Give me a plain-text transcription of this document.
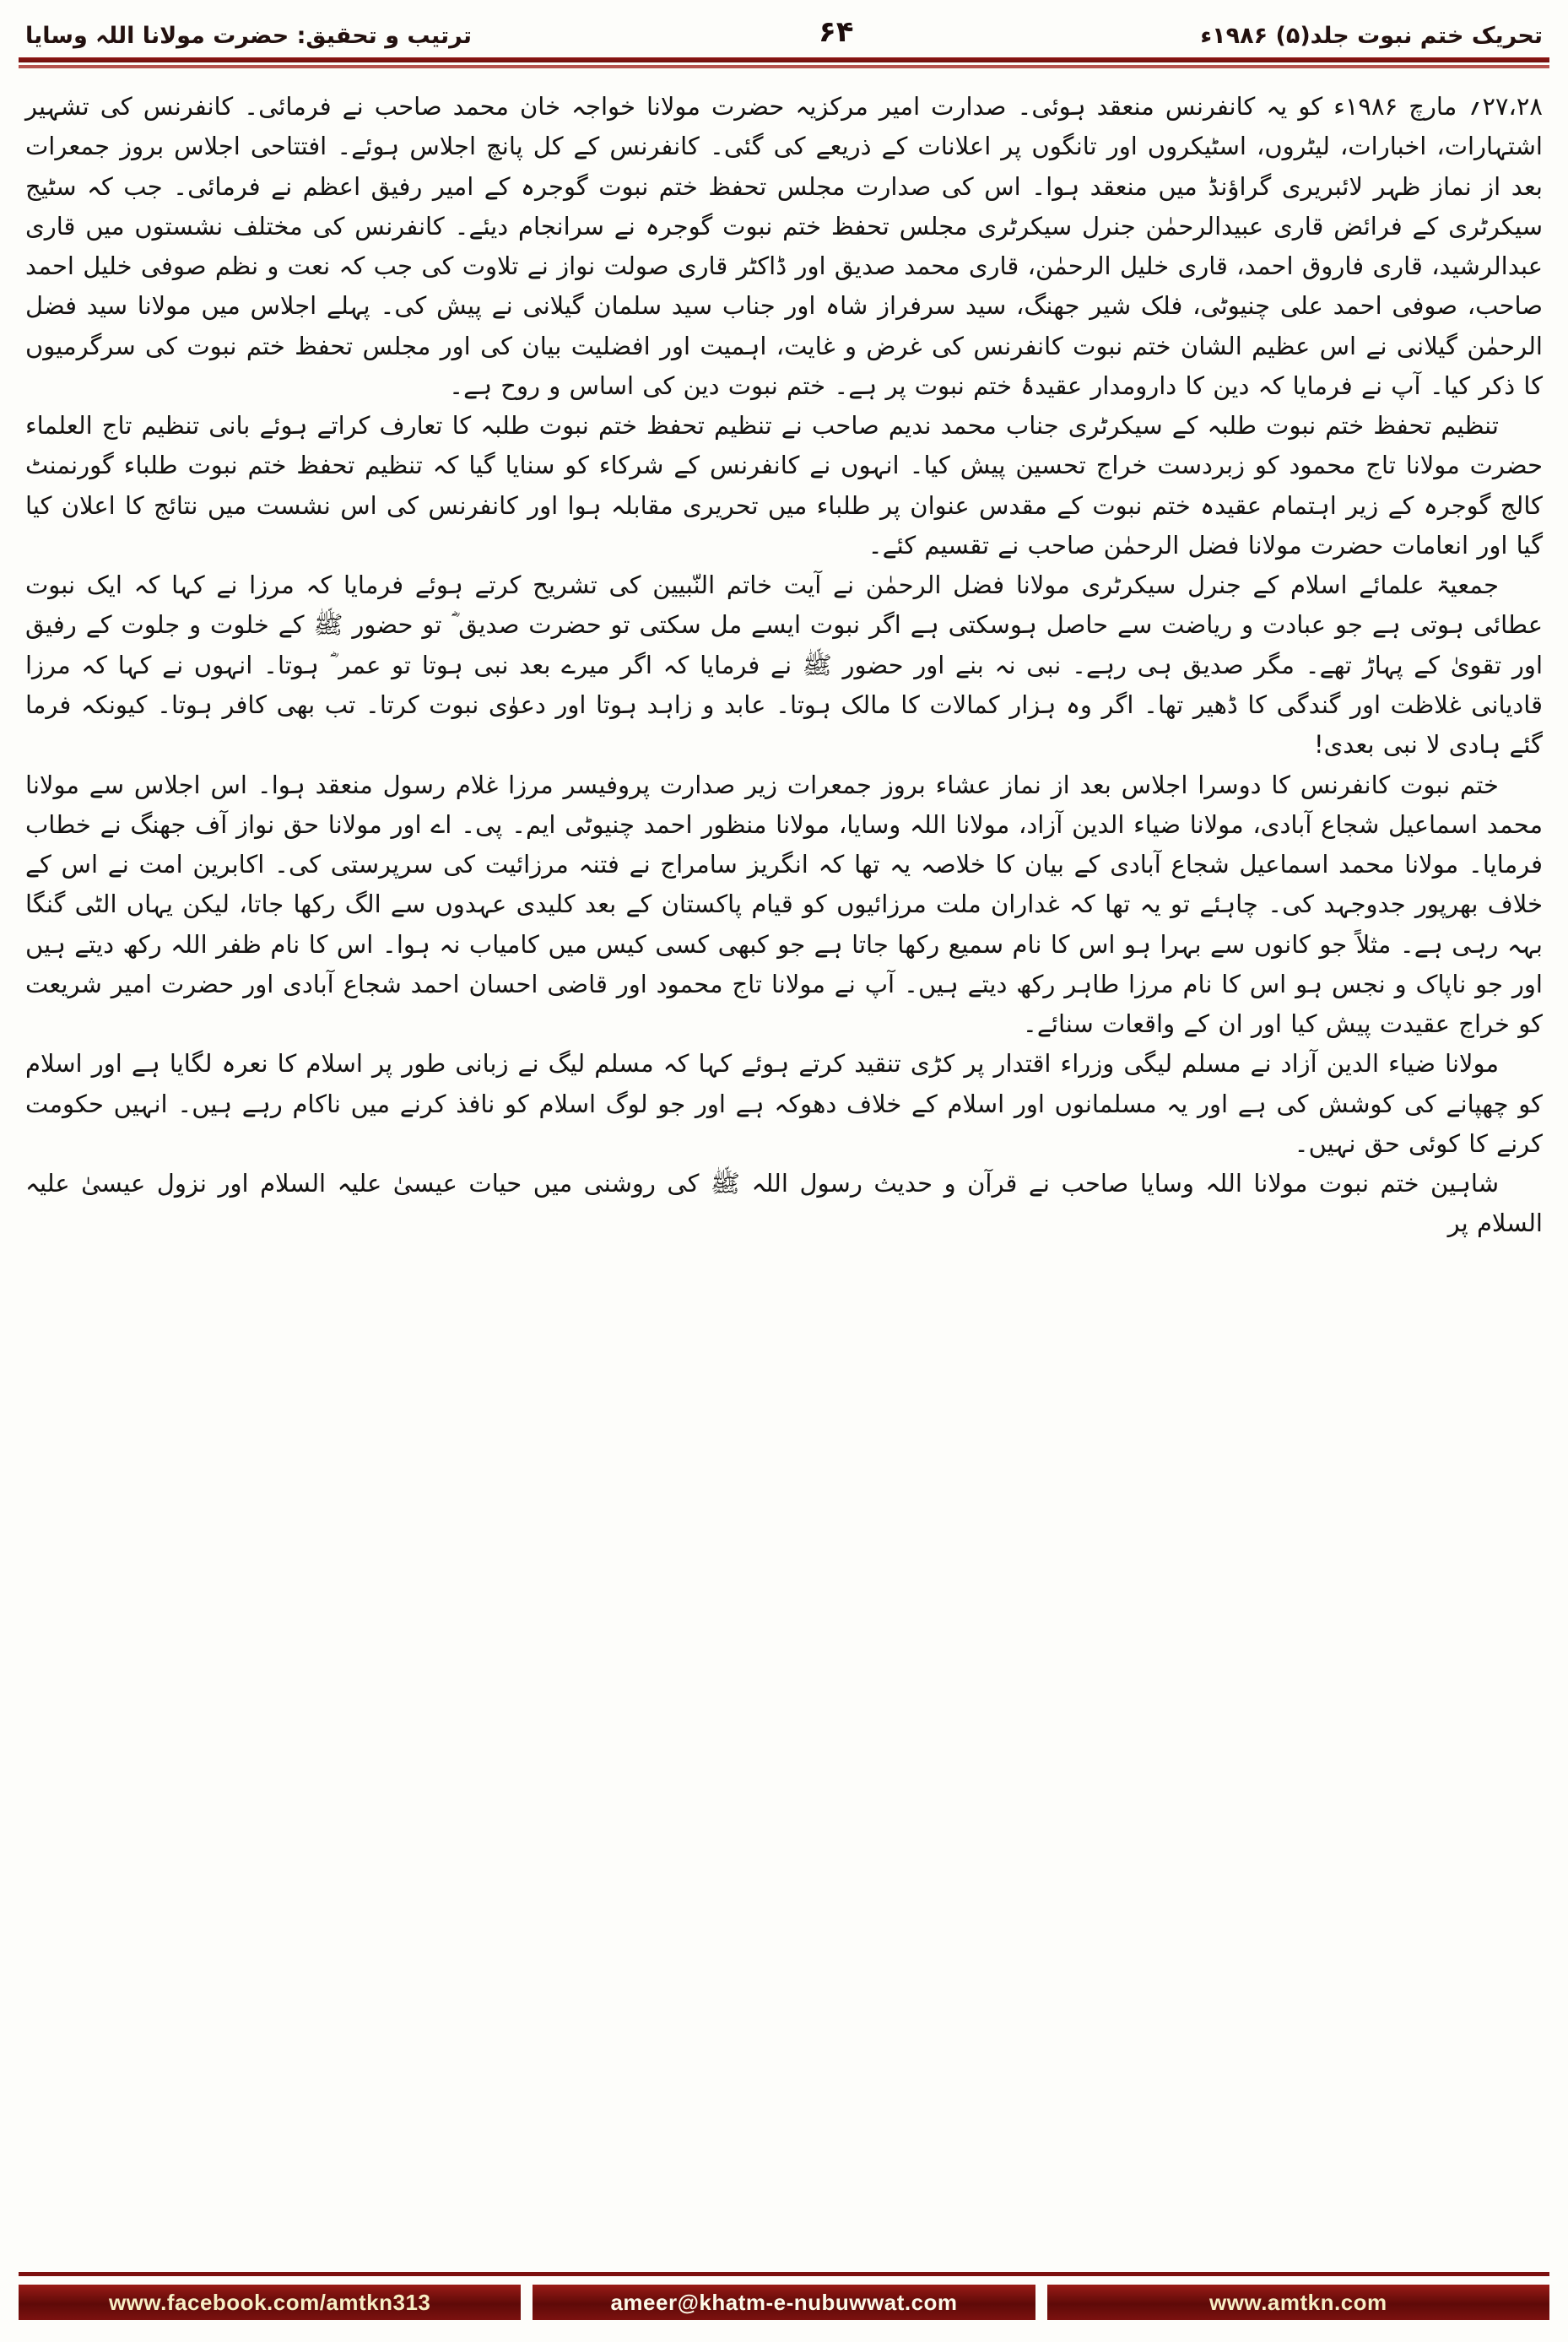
تحریک ختم نبوت جلد(۵) ۱۹۸۶ء
۶۴
ترتیب و تحقیق: حضرت مولانا اللہ وسایا

۲۷،۲۸؍ مارچ ۱۹۸۶ء کو یہ کانفرنس منعقد ہوئی۔ صدارت امیر مرکزیہ حضرت مولانا خواجہ خان محمد صاحب نے فرمائی۔ کانفرنس کی تشہیر اشتہارات، اخبارات، لیٹروں، اسٹیکروں اور تانگوں پر اعلانات کے ذریعے کی گئی۔ کانفرنس کے کل پانچ اجلاس ہوئے۔ افتتاحی اجلاس بروز جمعرات بعد از نماز ظہر لائبریری گراؤنڈ میں منعقد ہوا۔ اس کی صدارت مجلس تحفظ ختم نبوت گوجرہ کے امیر رفیق اعظم نے فرمائی۔ جب کہ سٹیج سیکرٹری کے فرائض قاری عبیدالرحمٰن جنرل سیکرٹری مجلس تحفظ ختم نبوت گوجرہ نے سرانجام دیئے۔ کانفرنس کی مختلف نشستوں میں قاری عبدالرشید، قاری فاروق احمد، قاری خلیل الرحمٰن، قاری محمد صدیق اور ڈاکٹر قاری صولت نواز نے تلاوت کی جب کہ نعت و نظم صوفی خلیل احمد صاحب، صوفی احمد علی چنیوٹی، فلک شیر جھنگ، سید سرفراز شاہ اور جناب سید سلمان گیلانی نے پیش کی۔ پہلے اجلاس میں مولانا سید فضل الرحمٰن گیلانی نے اس عظیم الشان ختم نبوت کانفرنس کی غرض و غایت، اہمیت اور افضلیت بیان کی اور مجلس تحفظ ختم نبوت کی سرگرمیوں کا ذکر کیا۔ آپ نے فرمایا کہ دین کا دارومدار عقیدۂ ختم نبوت پر ہے۔ ختم نبوت دین کی اساس و روح ہے۔

تنظیم تحفظ ختم نبوت طلبہ کے سیکرٹری جناب محمد ندیم صاحب نے تنظیم تحفظ ختم نبوت طلبہ کا تعارف کراتے ہوئے بانی تنظیم تاج العلماء حضرت مولانا تاج محمود کو زبردست خراج تحسین پیش کیا۔ انہوں نے کانفرنس کے شرکاء کو سنایا گیا کہ تنظیم تحفظ ختم نبوت طلباء گورنمنٹ کالج گوجرہ کے زیر اہتمام عقیدہ ختم نبوت کے مقدس عنوان پر طلباء میں تحریری مقابلہ ہوا اور کانفرنس کی اس نشست میں نتائج کا اعلان کیا گیا اور انعامات حضرت مولانا فضل الرحمٰن صاحب نے تقسیم کئے۔

جمعیۃ علمائے اسلام کے جنرل سیکرٹری مولانا فضل الرحمٰن نے آیت خاتم النّبیین کی تشریح کرتے ہوئے فرمایا کہ مرزا نے کہا کہ ایک نبوت عطائی ہوتی ہے جو عبادت و ریاضت سے حاصل ہوسکتی ہے اگر نبوت ایسے مل سکتی تو حضرت صدیق ؓ تو حضور ﷺ کے خلوت و جلوت کے رفیق اور تقویٰ کے پہاڑ تھے۔ مگر صدیق ہی رہے۔ نبی نہ بنے اور حضور ﷺ نے فرمایا کہ اگر میرے بعد نبی ہوتا تو عمر ؓ ہوتا۔ انہوں نے کہا کہ مرزا قادیانی غلاظت اور گندگی کا ڈھیر تھا۔ اگر وہ ہزار کمالات کا مالک ہوتا۔ عابد و زاہد ہوتا اور دعوٰی نبوت کرتا۔ تب بھی کافر ہوتا۔ کیونکہ فرما گئے ہادی لا نبی بعدی!

ختم نبوت کانفرنس کا دوسرا اجلاس بعد از نماز عشاء بروز جمعرات زیر صدارت پروفیسر مرزا غلام رسول منعقد ہوا۔ اس اجلاس سے مولانا محمد اسماعیل شجاع آبادی، مولانا ضیاء الدین آزاد، مولانا اللہ وسایا، مولانا منظور احمد چنیوٹی ایم۔ پی۔ اے اور مولانا حق نواز آف جھنگ نے خطاب فرمایا۔ مولانا محمد اسماعیل شجاع آبادی کے بیان کا خلاصہ یہ تھا کہ انگریز سامراج نے فتنہ مرزائیت کی سرپرستی کی۔ اکابرین امت نے اس کے خلاف بھرپور جدوجہد کی۔ چاہئے تو یہ تھا کہ غداران ملت مرزائیوں کو قیام پاکستان کے بعد کلیدی عہدوں سے الگ رکھا جاتا، لیکن یہاں الٹی گنگا بہہ رہی ہے۔ مثلاً جو کانوں سے بہرا ہو اس کا نام سمیع رکھا جاتا ہے جو کبھی کسی کیس میں کامیاب نہ ہوا۔ اس کا نام ظفر اللہ رکھ دیتے ہیں اور جو ناپاک و نجس ہو اس کا نام مرزا طاہر رکھ دیتے ہیں۔ آپ نے مولانا تاج محمود اور قاضی احسان احمد شجاع آبادی اور حضرت امیر شریعت کو خراج عقیدت پیش کیا اور ان کے واقعات سنائے۔

مولانا ضیاء الدین آزاد نے مسلم لیگی وزراء اقتدار پر کڑی تنقید کرتے ہوئے کہا کہ مسلم لیگ نے زبانی طور پر اسلام کا نعرہ لگایا ہے اور اسلام کو چھپانے کی کوشش کی ہے اور یہ مسلمانوں اور اسلام کے خلاف دھوکہ ہے اور جو لوگ اسلام کو نافذ کرنے میں ناکام رہے ہیں۔ انہیں حکومت کرنے کا کوئی حق نہیں۔

شاہین ختم نبوت مولانا اللہ وسایا صاحب نے قرآن و حدیث رسول اللہ ﷺ کی روشنی میں حیات عیسیٰ علیہ السلام اور نزول عیسیٰ علیہ السلام پر

www.amtkn.com
ameer@khatm-e-nubuwwat.com
www.facebook.com/amtkn313
